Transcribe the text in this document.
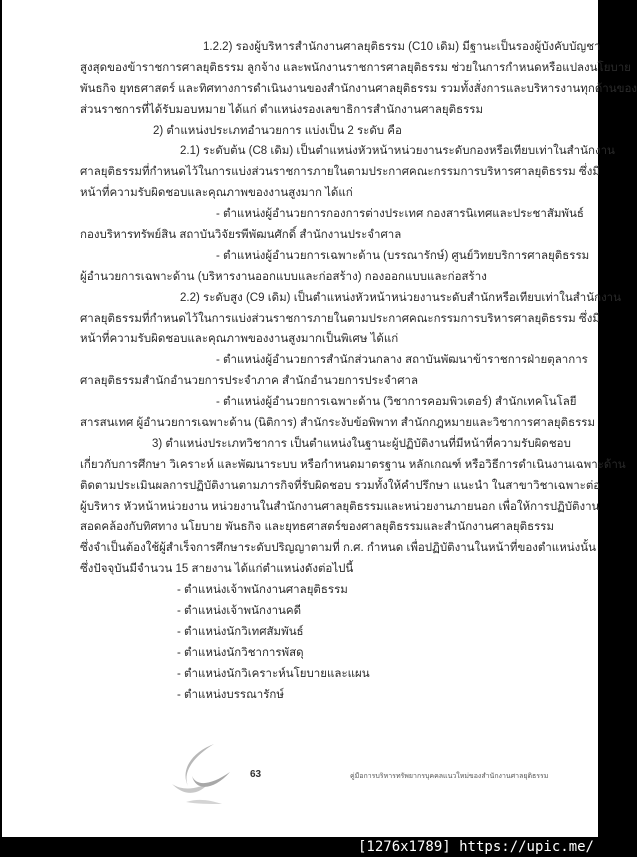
1.2.2) รองผู้บริหารสำนักงานศาลยุติธรรม (C10 เดิม) มีฐานะเป็นรองผู้บังคับบัญชา
สูงสุดของข้าราชการศาลยุติธรรม ลูกจ้าง และพนักงานราชการศาลยุติธรรม ช่วยในการกำหนดหรือแปลงนโยบาย
พันธกิจ ยุทธศาสตร์ และทิศทางการดำเนินงานของสำนักงานศาลยุติธรรม รวมทั้งสั่งการและบริหารงานทุกด้านของ
ส่วนราชการที่ได้รับมอบหมาย ได้แก่ ตำแหน่งรองเลขาธิการสำนักงานศาลยุติธรรม
2) ตำแหน่งประเภทอำนวยการ แบ่งเป็น 2 ระดับ คือ
2.1) ระดับต้น (C8 เดิม) เป็นตำแหน่งหัวหน้าหน่วยงานระดับกองหรือเทียบเท่าในสำนักงาน
ศาลยุติธรรมที่กำหนดไว้ในการแบ่งส่วนราชการภายในตามประกาศคณะกรรมการบริหารศาลยุติธรรม ซึ่งมี
หน้าที่ความรับผิดชอบและคุณภาพของงานสูงมาก ได้แก่
- ตำแหน่งผู้อำนวยการกองการต่างประเทศ กองสารนิเทศและประชาสัมพันธ์
กองบริหารทรัพย์สิน สถาบันวิจัยรพีพัฒนศักดิ์ สำนักงานประจำศาล
- ตำแหน่งผู้อำนวยการเฉพาะด้าน (บรรณารักษ์) ศูนย์วิทยบริการศาลยุติธรรม
ผู้อำนวยการเฉพาะด้าน (บริหารงานออกแบบและก่อสร้าง) กองออกแบบและก่อสร้าง
2.2) ระดับสูง (C9 เดิม) เป็นตำแหน่งหัวหน้าหน่วยงานระดับสำนักหรือเทียบเท่าในสำนักงาน
ศาลยุติธรรมที่กำหนดไว้ในการแบ่งส่วนราชการภายในตามประกาศคณะกรรมการบริหารศาลยุติธรรม ซึ่งมี
หน้าที่ความรับผิดชอบและคุณภาพของงานสูงมากเป็นพิเศษ ได้แก่
- ตำแหน่งผู้อำนวยการสำนักส่วนกลาง สถาบันพัฒนาข้าราชการฝ่ายตุลาการ
ศาลยุติธรรมสำนักอำนวยการประจำภาค สำนักอำนวยการประจำศาล
- ตำแหน่งผู้อำนวยการเฉพาะด้าน (วิชาการคอมพิวเตอร์) สำนักเทคโนโลยี
สารสนเทศ ผู้อำนวยการเฉพาะด้าน (นิติการ) สำนักระงับข้อพิพาท สำนักกฎหมายและวิชาการศาลยุติธรรม
3) ตำแหน่งประเภทวิชาการ เป็นตำแหน่งในฐานะผู้ปฏิบัติงานที่มีหน้าที่ความรับผิดชอบ
เกี่ยวกับการศึกษา วิเคราะห์ และพัฒนาระบบ หรือกำหนดมาตรฐาน หลักเกณฑ์ หรือวิธีการดำเนินงานเฉพาะด้าน
ติดตามประเมินผลการปฏิบัติงานตามภารกิจที่รับผิดชอบ รวมทั้งให้คำปรึกษา แนะนำ ในสาขาวิชาเฉพาะต่อ
ผู้บริหาร หัวหน้าหน่วยงาน หน่วยงานในสำนักงานศาลยุติธรรมและหน่วยงานภายนอก เพื่อให้การปฏิบัติงาน
สอดคล้องกับทิศทาง นโยบาย พันธกิจ และยุทธศาสตร์ของศาลยุติธรรมและสำนักงานศาลยุติธรรม
ซึ่งจำเป็นต้องใช้ผู้สำเร็จการศึกษาระดับปริญญาตามที่ ก.ศ. กำหนด เพื่อปฏิบัติงานในหน้าที่ของตำแหน่งนั้น
ซึ่งปัจจุบันมีจำนวน 15 สายงาน ได้แก่ตำแหน่งดังต่อไปนี้
- ตำแหน่งเจ้าพนักงานศาลยุติธรรม
- ตำแหน่งเจ้าพนักงานคดี
- ตำแหน่งนักวิเทศสัมพันธ์
- ตำแหน่งนักวิชาการพัสดุ
- ตำแหน่งนักวิเคราะห์นโยบายและแผน
- ตำแหน่งบรรณารักษ์
63	คู่มือการบริหารทรัพยากรบุคคลแนวใหม่ของสำนักงานศาลยุติธรรม
[1276x1789] https://upic.me/
